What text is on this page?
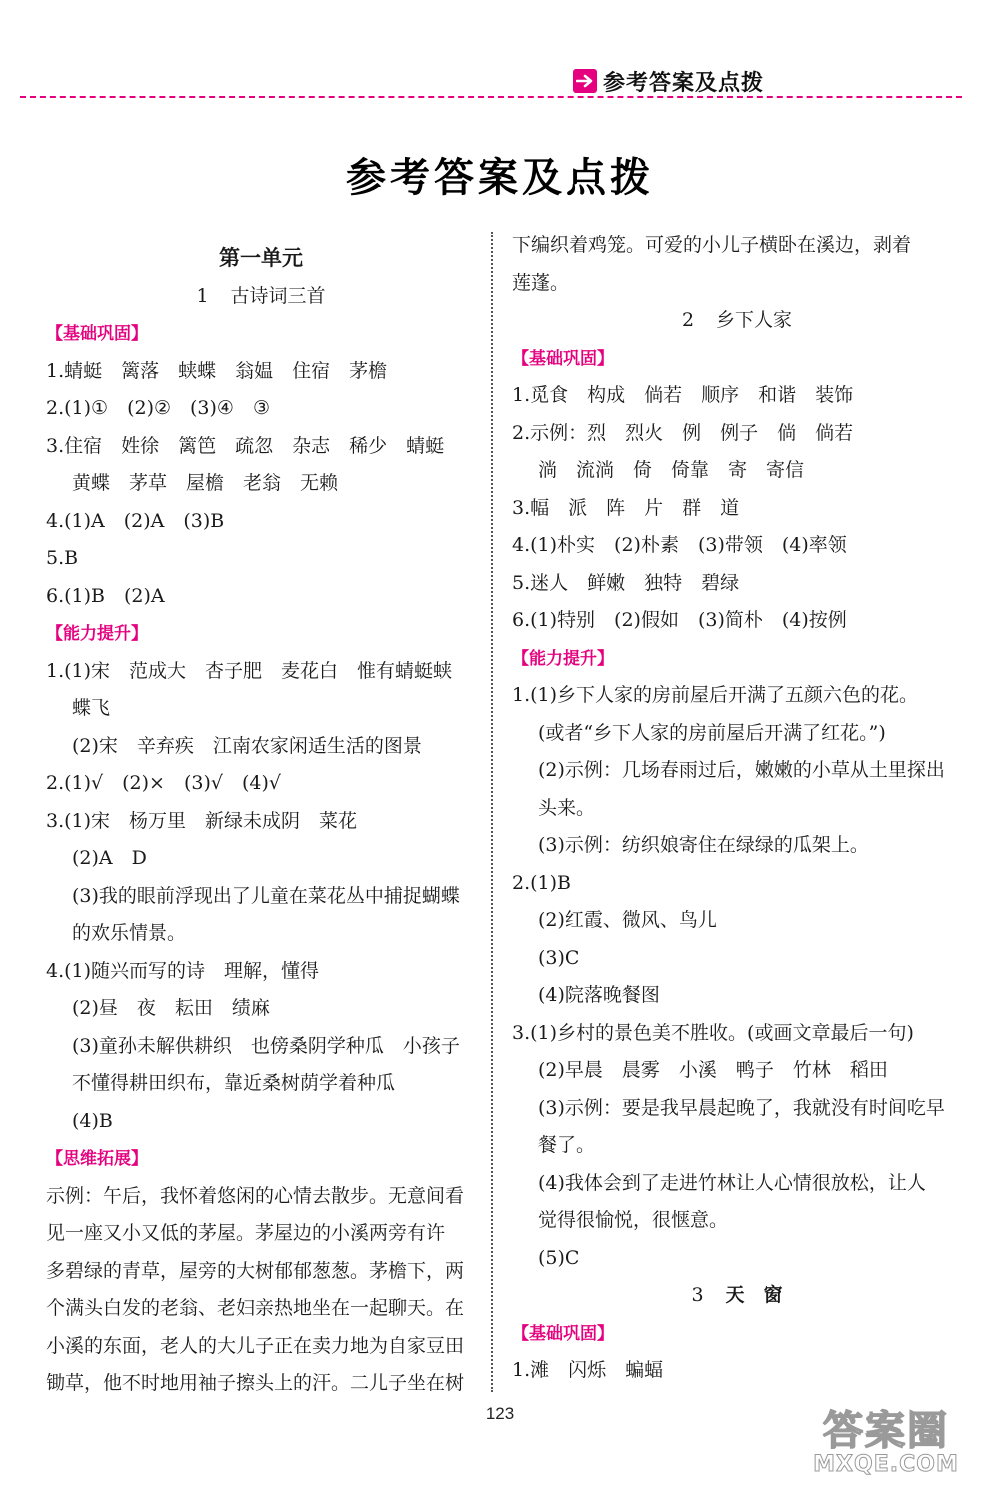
参考答案及点拨
参考答案及点拨
第一单元
1 古诗词三首
【基础巩固】
1.蜻蜓　篱落　蛱蝶　翁媪　住宿　茅檐
2.(1)①　(2)②　(3)④　③
3.住宿　姓徐　篱笆　疏忽　杂志　稀少　蜻蜓
黄蝶　茅草　屋檐　老翁　无赖
4.(1)A　(2)A　(3)B
5.B
6.(1)B　(2)A
【能力提升】
1.(1)宋　范成大　杏子肥　麦花白　惟有蜻蜓蛱
蝶飞
(2)宋　辛弃疾　江南农家闲适生活的图景
2.(1)√　(2)×　(3)√　(4)√
3.(1)宋　杨万里　新绿未成阴　菜花
(2)A　D
(3)我的眼前浮现出了儿童在菜花丛中捕捉蝴蝶
的欢乐情景。
4.(1)随兴而写的诗　理解，懂得
(2)昼　夜　耘田　绩麻
(3)童孙未解供耕织　也傍桑阴学种瓜　小孩子
不懂得耕田织布，靠近桑树荫学着种瓜
(4)B
【思维拓展】
示例：午后，我怀着悠闲的心情去散步。无意间看
见一座又小又低的茅屋。茅屋边的小溪两旁有许
多碧绿的青草，屋旁的大树郁郁葱葱。茅檐下，两
个满头白发的老翁、老妇亲热地坐在一起聊天。在
小溪的东面，老人的大儿子正在卖力地为自家豆田
锄草，他不时地用袖子擦头上的汗。二儿子坐在树
下编织着鸡笼。可爱的小儿子横卧在溪边，剥着
莲蓬。
2 乡下人家
【基础巩固】
1.觅食　构成　倘若　顺序　和谐　装饰
2.示例：烈　烈火　例　例子　倘　倘若
淌　流淌　倚　倚靠　寄　寄信
3.幅　派　阵　片　群　道
4.(1)朴实　(2)朴素　(3)带领　(4)率领
5.迷人　鲜嫩　独特　碧绿
6.(1)特别　(2)假如　(3)简朴　(4)按例
【能力提升】
1.(1)乡下人家的房前屋后开满了五颜六色的花。
(或者“乡下人家的房前屋后开满了红花。”)
(2)示例：几场春雨过后，嫩嫩的小草从土里探出
头来。
(3)示例：纺织娘寄住在绿绿的瓜架上。
2.(1)B
(2)红霞、微风、鸟儿
(3)C
(4)院落晚餐图
3.(1)乡村的景色美不胜收。(或画文章最后一句)
(2)早晨　晨雾　小溪　鸭子　竹林　稻田
(3)示例：要是我早晨起晚了，我就没有时间吃早
餐了。
(4)我体会到了走进竹林让人心情很放松，让人
觉得很愉悦，很惬意。
(5)C
3 天　窗
【基础巩固】
1.滩　闪烁　蝙蝠
123	答案圈
MXQE.COM
